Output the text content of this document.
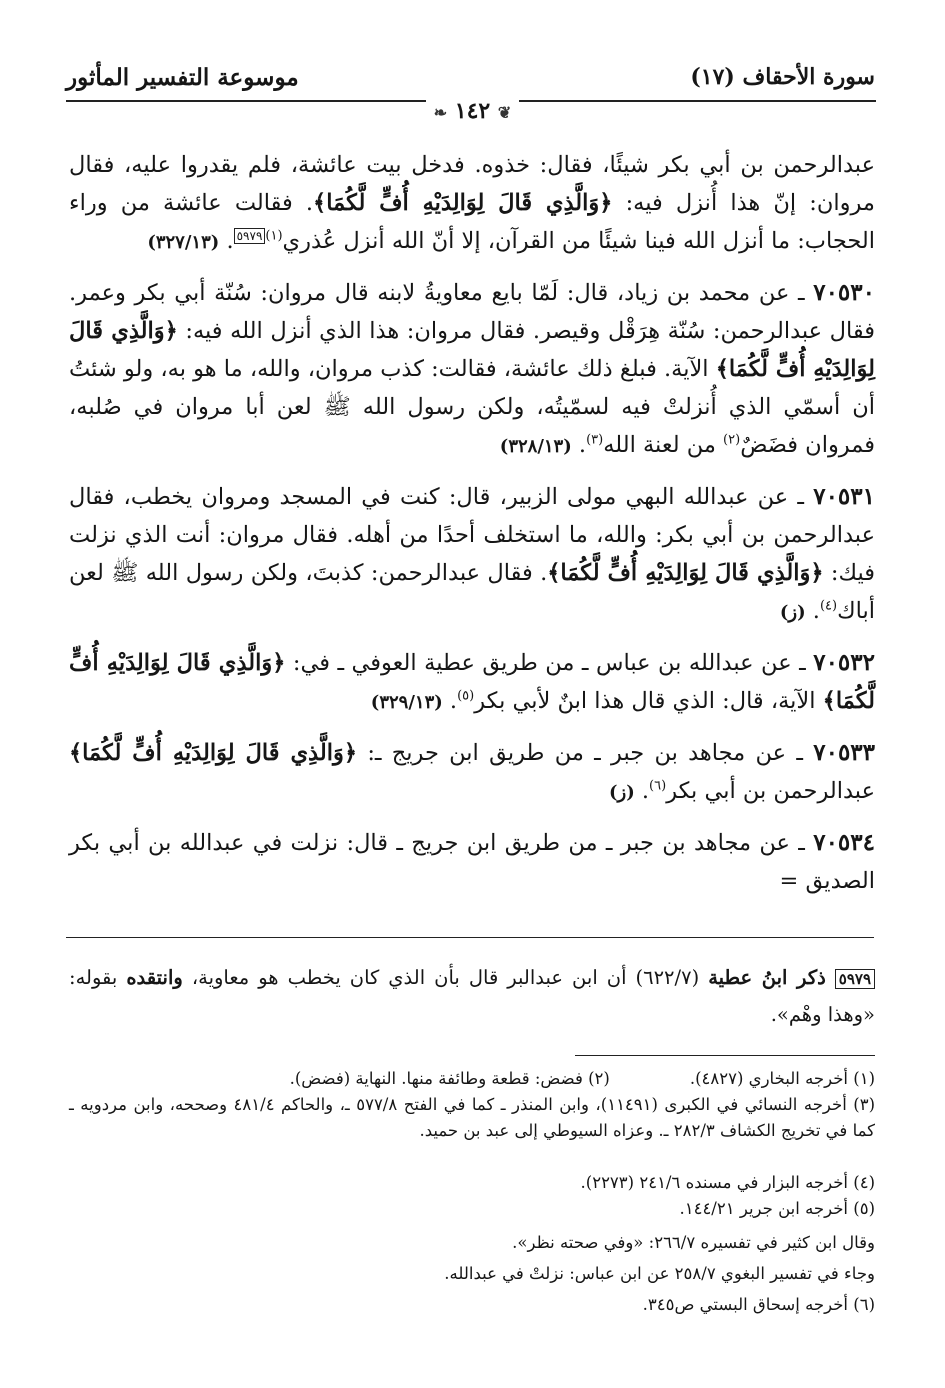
سورة الأحقاف (١٧)
موسوعة التفسير المأثور
❦ ١٤٢ ❧

عبدالرحمن بن أبي بكر شيئًا، فقال: خذوه. فدخل بيت عائشة، فلم يقدروا عليه، فقال مروان: إنّ هذا أُنزل فيه: ﴿وَالَّذِي قَالَ لِوَالِدَيْهِ أُفٍّ لَّكُمَا﴾. فقالت عائشة من وراء الحجاب: ما أنزل الله فينا شيئًا من القرآن، إلا أنّ الله أنزل عُذري$^{(١)٥٩٧٩}$. (٣٢٧/١٣)

٧٠٥٣٠ ـ عن محمد بن زياد، قال: لَمّا بايع معاويةُ لابنه قال مروان: سُنّة أبي بكر وعمر. فقال عبدالرحمن: سُنّة هِرَقْل وقيصر. فقال مروان: هذا الذي أنزل الله فيه: ﴿وَالَّذِي قَالَ لِوَالِدَيْهِ أُفٍّ لَّكُمَا﴾ الآية. فبلغ ذلك عائشة، فقالت: كذب مروان، والله، ما هو به، ولو شئتُ أن أسمّي الذي أُنزلتْ فيه لسمّيتُه، ولكن رسول الله ﷺ لعن أبا مروان في صُلبه، فمروان فضَضٌ$^{(٢)}$ من لعنة الله$^{(٣)}$. (٣٢٨/١٣)

٧٠٥٣١ ـ عن عبدالله البهي مولى الزبير، قال: كنت في المسجد ومروان يخطب، فقال عبدالرحمن بن أبي بكر: والله، ما استخلف أحدًا من أهله. فقال مروان: أنت الذي نزلت فيك: ﴿وَالَّذِي قَالَ لِوَالِدَيْهِ أُفٍّ لَّكُمَا﴾. فقال عبدالرحمن: كذبتَ، ولكن رسول الله ﷺ لعن أباك$^{(٤)}$. (ز)

٧٠٥٣٢ ـ عن عبدالله بن عباس ـ من طريق عطية العوفي ـ في: ﴿وَالَّذِي قَالَ لِوَالِدَيْهِ أُفٍّ لَّكُمَا﴾ الآية، قال: الذي قال هذا ابنٌ لأبي بكر$^{(٥)}$. (٣٢٩/١٣)

٧٠٥٣٣ ـ عن مجاهد بن جبر ـ من طريق ابن جريج ـ: ﴿وَالَّذِي قَالَ لِوَالِدَيْهِ أُفٍّ لَّكُمَا﴾ عبدالرحمن بن أبي بكر$^{(٦)}$. (ز)

٧٠٥٣٤ ـ عن مجاهد بن جبر ـ من طريق ابن جريج ـ قال: نزلت في عبدالله بن أبي بكر الصديق =

٥٩٧٩ ذكر ابنُ عطية (٦٢٢/٧) أن ابن عبدالبر قال بأن الذي كان يخطب هو معاوية، وانتقده بقوله: «وهذا وهْم».
(١) أخرجه البخاري (٤٨٢٧).
(٢) فضض: قطعة وطائفة منها. النهاية (فضض).
(٣) أخرجه النسائي في الكبرى (١١٤٩١)، وابن المنذر ـ كما في الفتح ٥٧٧/٨ ـ، والحاكم ٤٨١/٤ وصححه، وابن مردويه ـ كما في تخريج الكشاف ٢٨٢/٣ ـ. وعزاه السيوطي إلى عبد بن حميد.
(٤) أخرجه البزار في مسنده ٢٤١/٦ (٢٢٧٣).
(٥) أخرجه ابن جرير ١٤٤/٢١.
وقال ابن كثير في تفسيره ٢٦٦/٧: «وفي صحته نظر».
وجاء في تفسير البغوي ٢٥٨/٧ عن ابن عباس: نزلتْ في عبدالله.
(٦) أخرجه إسحاق البستي ص٣٤٥.
